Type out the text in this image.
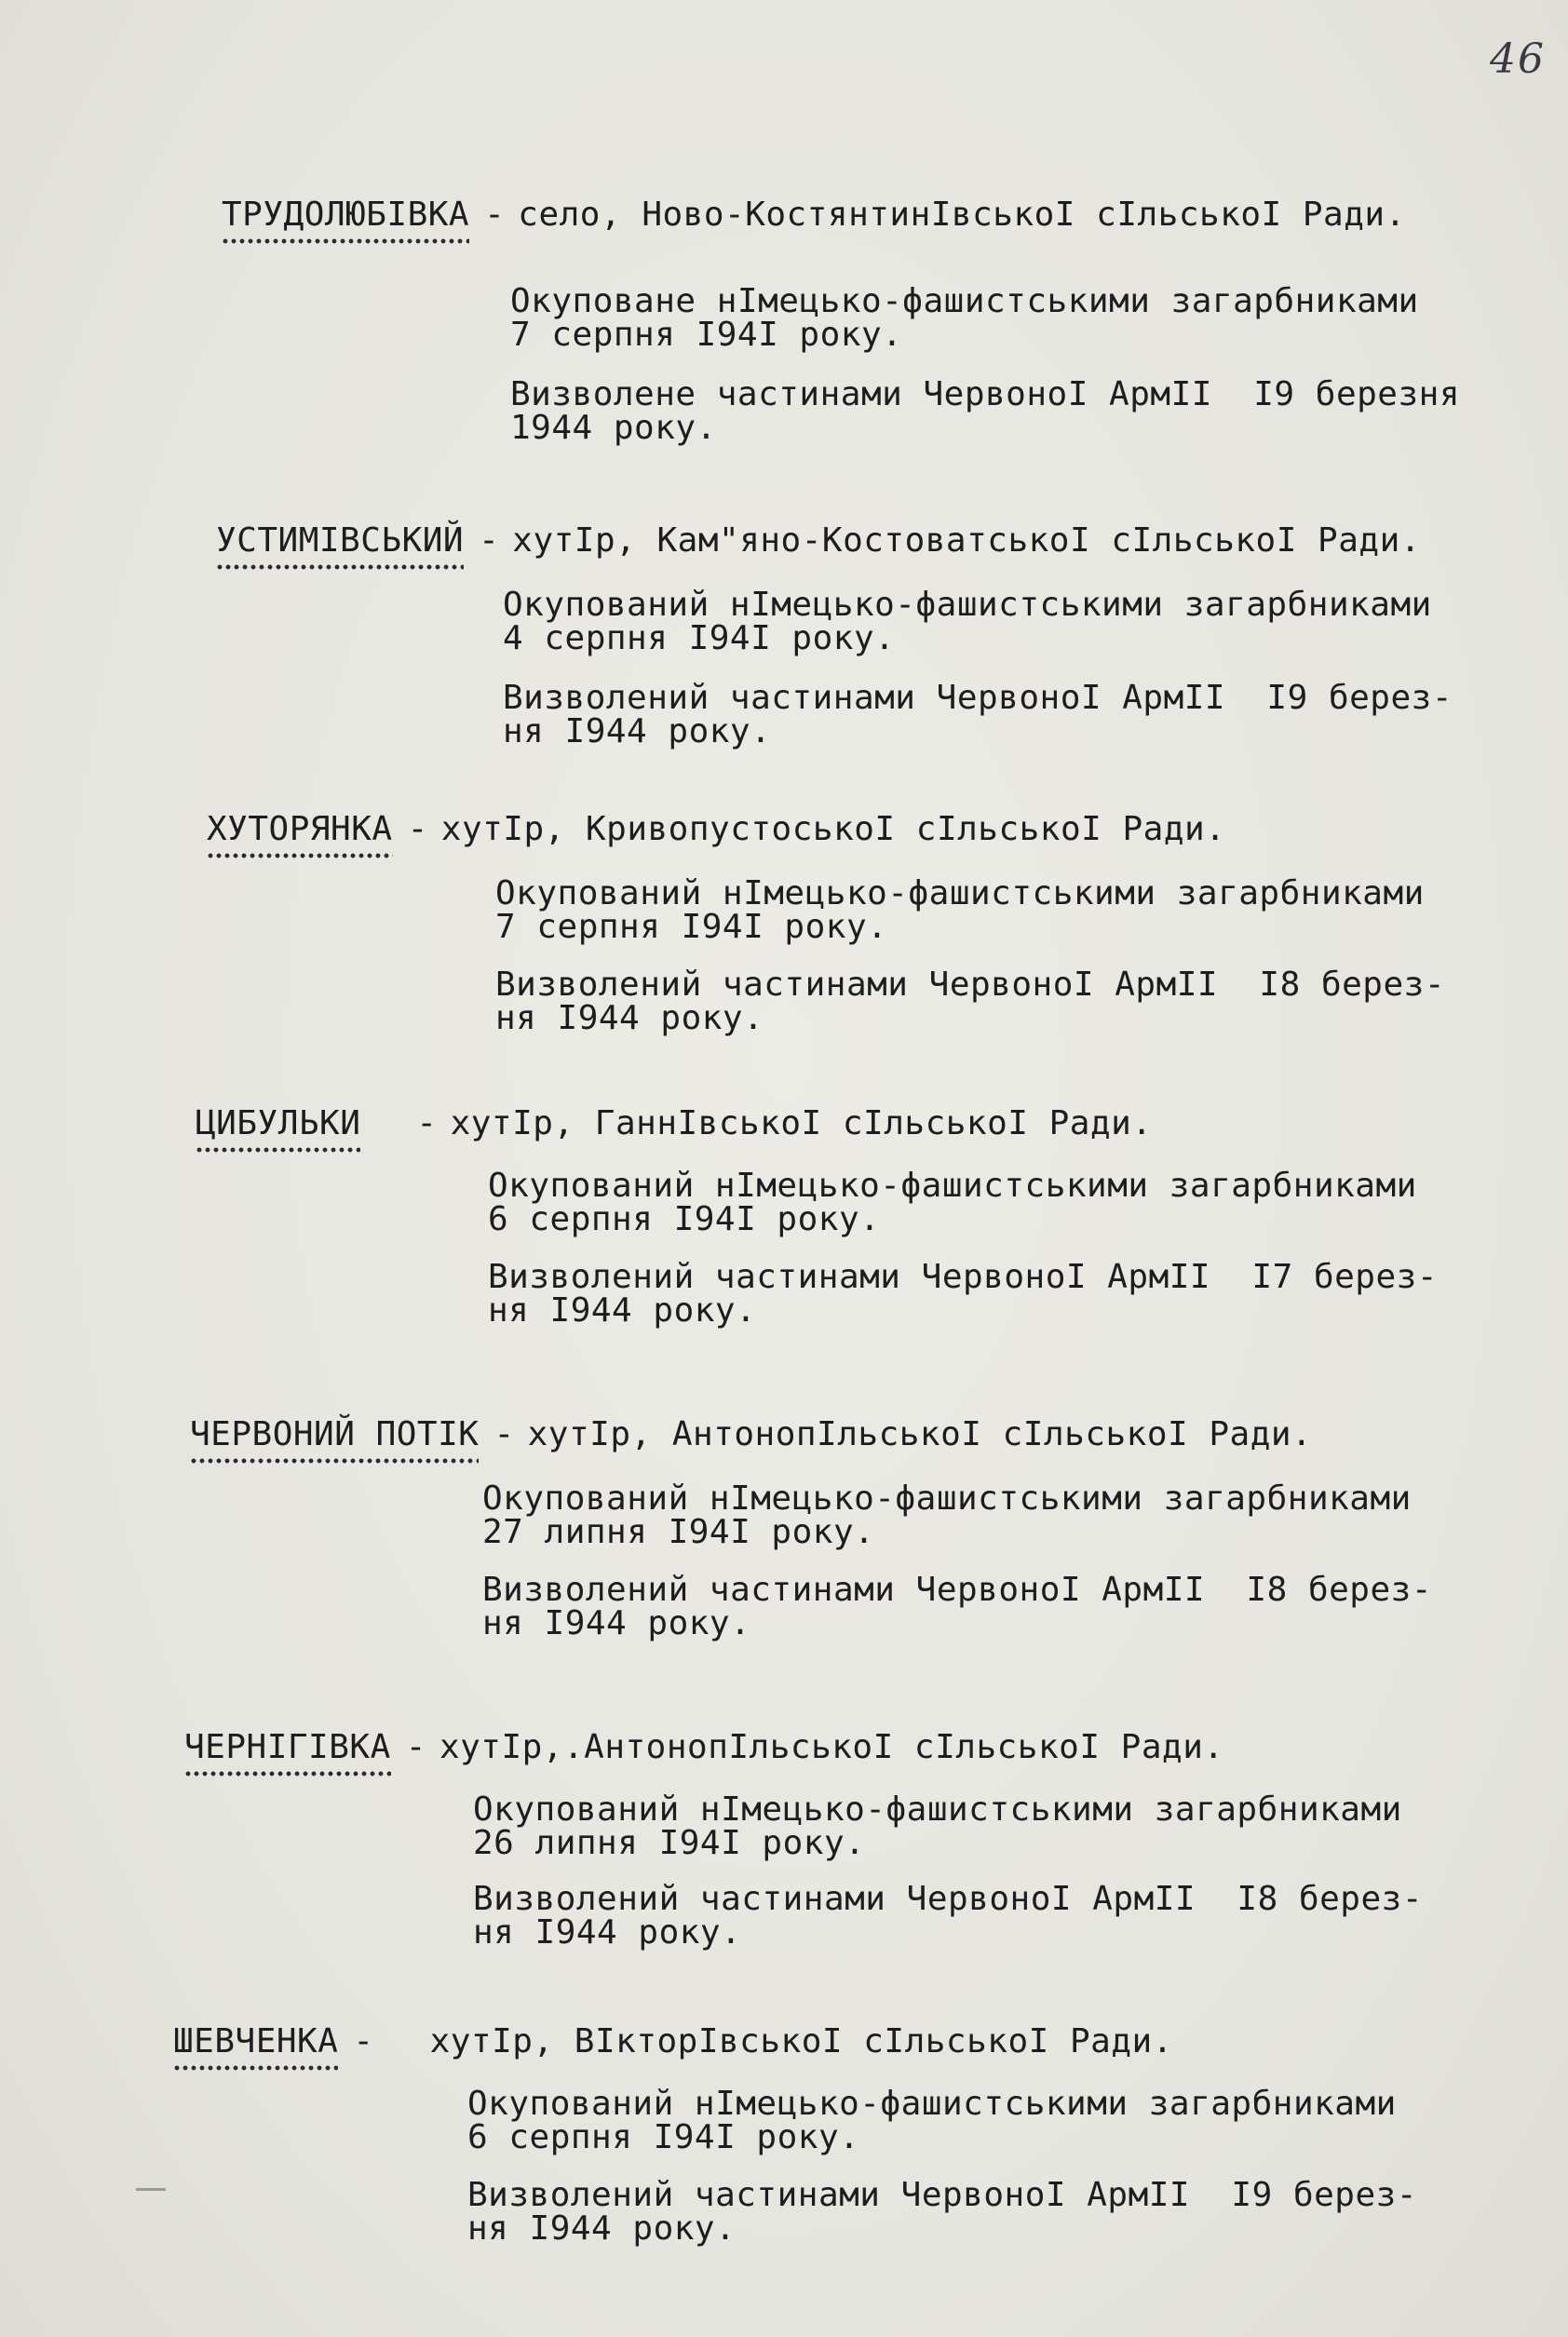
46
ТРУДОЛЮБІВКА - село, Ново-КостянтинІвськоІ сІльськоІ Ради.
Окуповане нІмецько-фашистськими загарбниками
7 серпня І94І року.
Визволене частинами ЧервоноІ АрмІІ  І9 березня
1944 року.
УСТИМІВСЬКИЙ - хутІр, Кам"яно-КостоватськоІ сІльськоІ Ради.
Окупований нІмецько-фашистськими загарбниками
4 серпня І94І року.
Визволений частинами ЧервоноІ АрмІІ  І9 берез-
ня І944 року.
ХУТОРЯНКА - хутІр, КривопустоськоІ сІльськоІ Ради.
Окупований нІмецько-фашистськими загарбниками
7 серпня І94І року.
Визволений частинами ЧервоноІ АрмІІ  І8 берез-
ня І944 року.
ЦИБУЛЬКИ - хутІр, ГаннІвськоІ сІльськоІ Ради.
Окупований нІмецько-фашистськими загарбниками
6 серпня І94І року.
Визволений частинами ЧервоноІ АрмІІ  І7 берез-
ня І944 року.
ЧЕРВОНИЙ ПОТІК - хутІр, АнтонопІльськоІ сІльськоІ Ради.
Окупований нІмецько-фашистськими загарбниками
27 липня І94І року.
Визволений частинами ЧервоноІ АрмІІ  І8 берез-
ня І944 року.
ЧЕРНІГІВКА - хутІр,.АнтонопІльськоІ сІльськоІ Ради.
Окупований нІмецько-фашистськими загарбниками
26 липня І94І року.
Визволений частинами ЧервоноІ АрмІІ  І8 берез-
ня І944 року.
ШЕВЧЕНКА - хутІр, ВІкторІвськоІ сІльськоІ Ради.
Окупований нІмецько-фашистськими загарбниками
6 серпня І94І року.
Визволений частинами ЧервоноІ АрмІІ  І9 берез-
ня І944 року.
